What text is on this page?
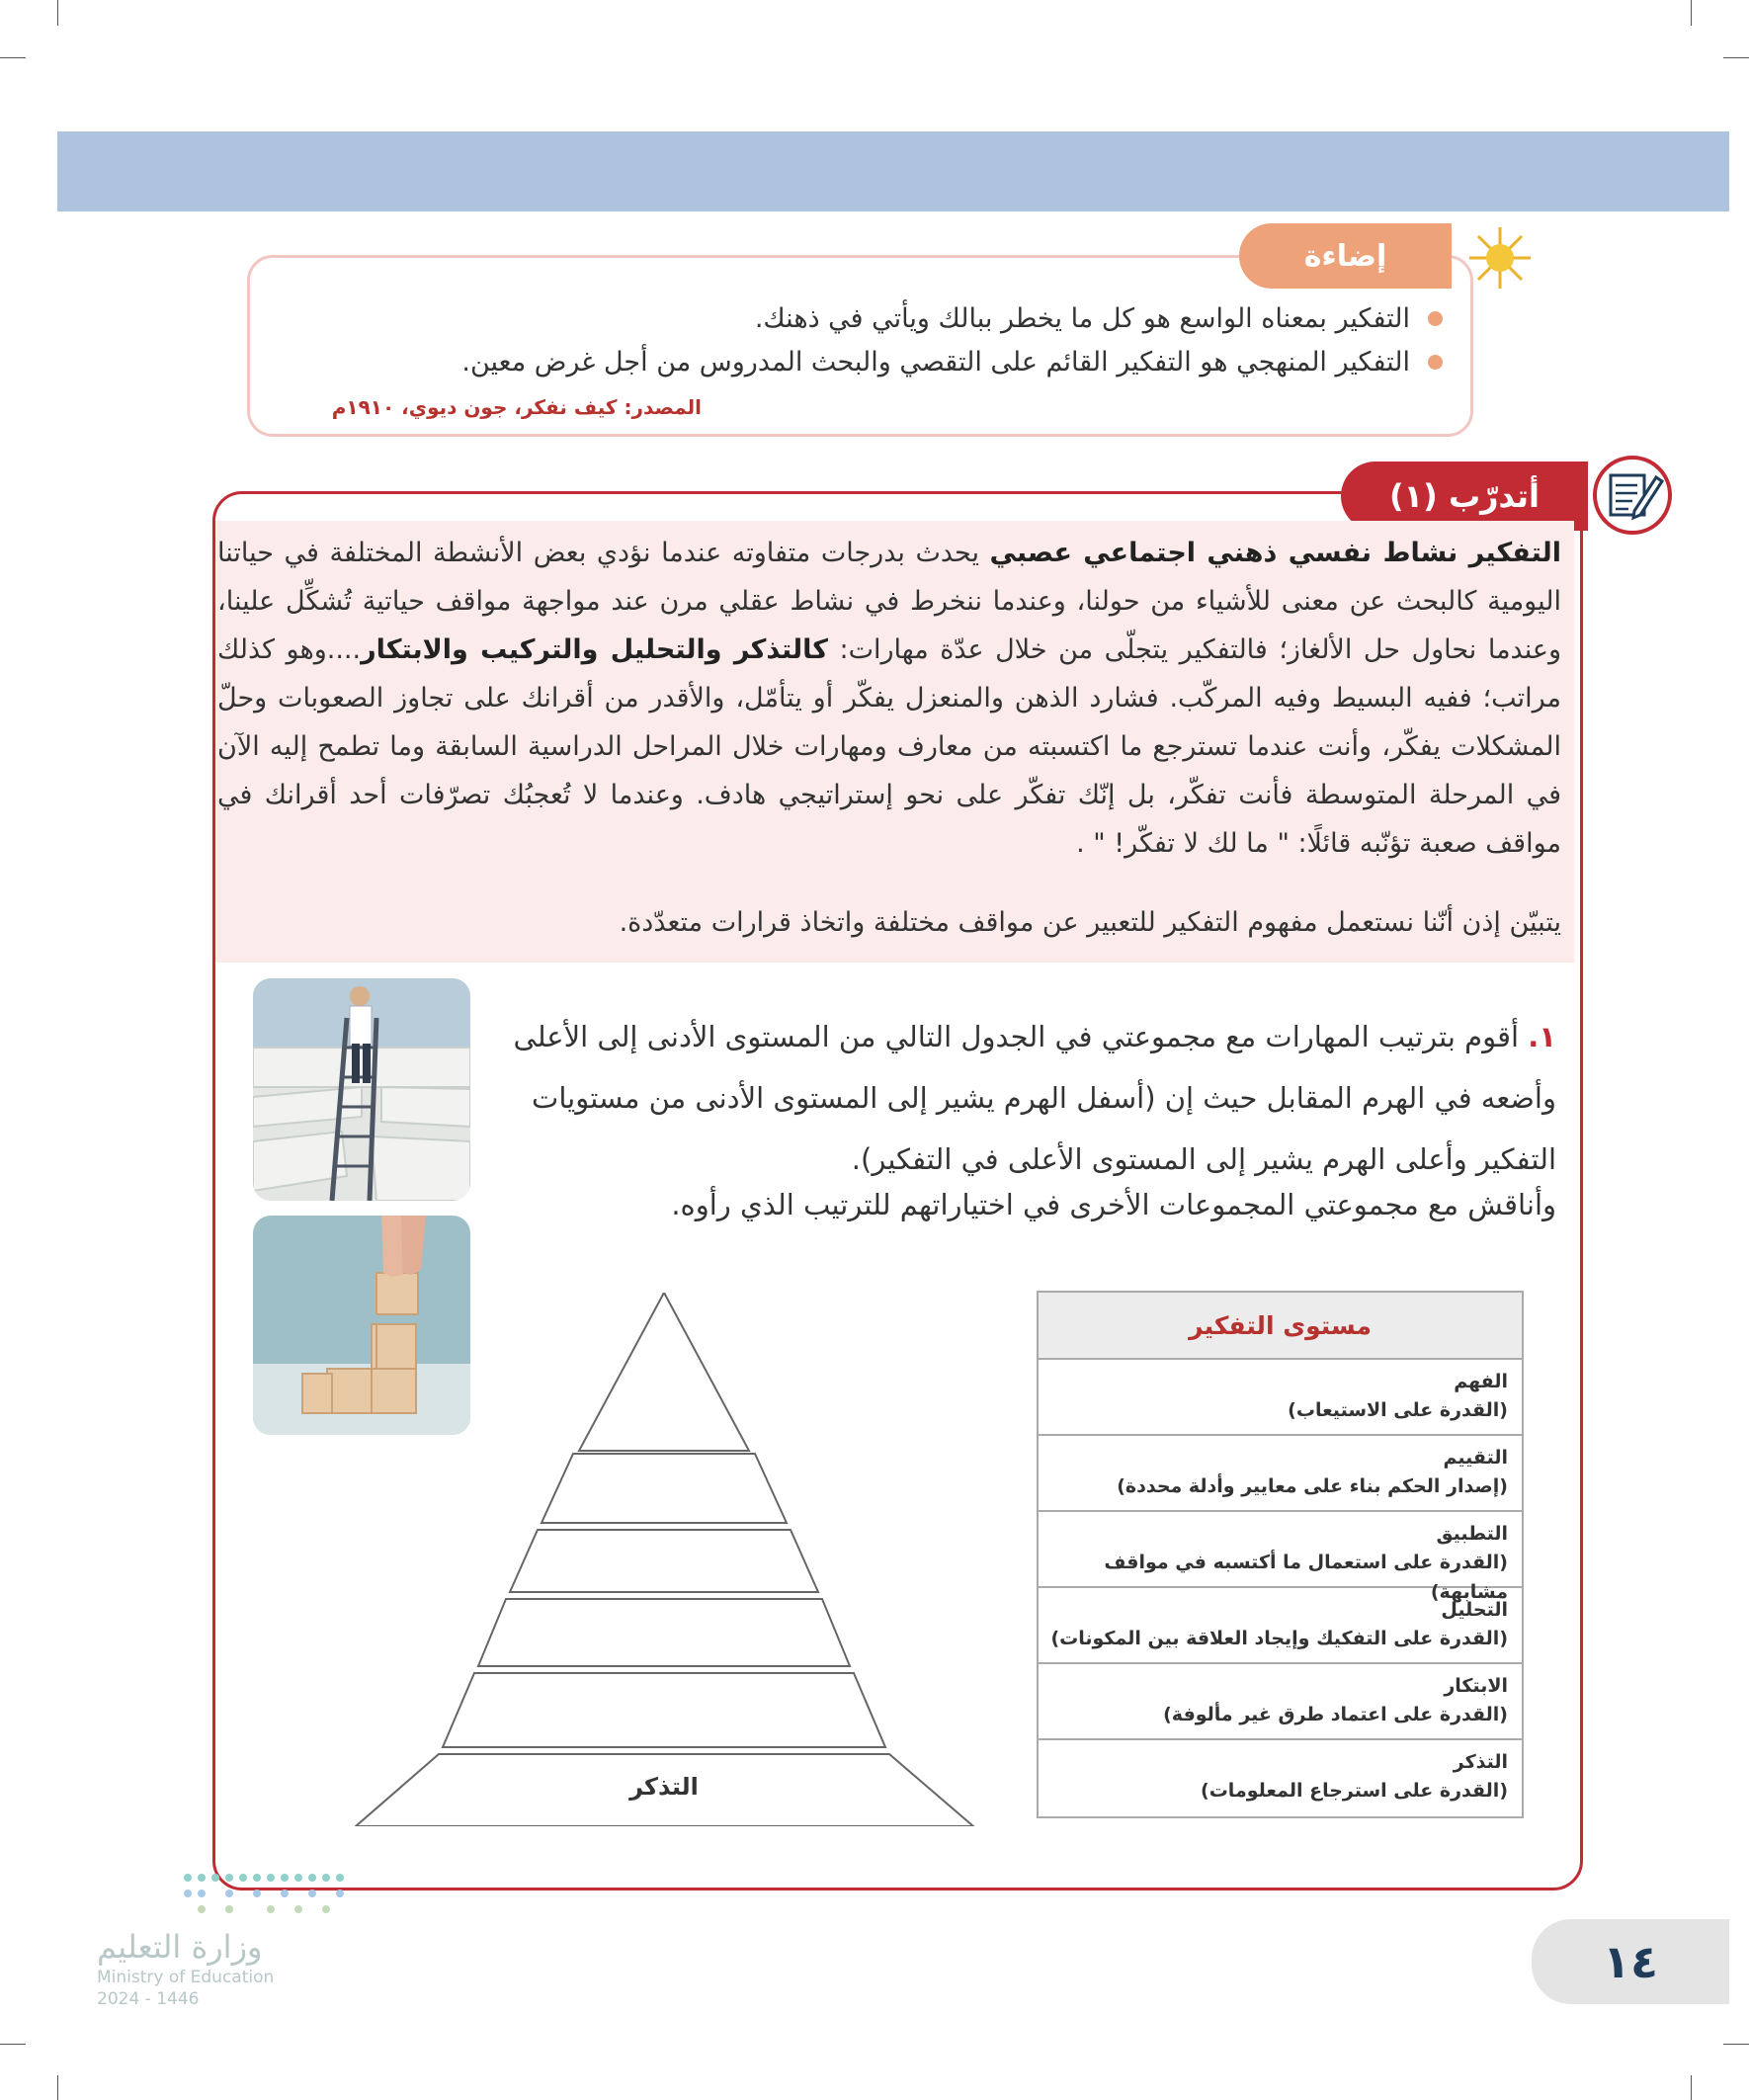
إضاءة
التفكير بمعناه الواسع هو كل ما يخطر ببالك ويأتي في ذهنك.
التفكير المنهجي هو التفكير القائم على التقصي والبحث المدروس من أجل غرض معين.
المصدر: كيف نفكر، جون ديوي، ١٩١٠م
أتدرّب (١)
التفكير نشاط نفسي ذهني اجتماعي عصبي يحدث بدرجات متفاوته عندما نؤدي بعض الأنشطة المختلفة في حياتنا اليومية كالبحث عن معنى للأشياء من حولنا، وعندما ننخرط في نشاط عقلي مرن عند مواجهة مواقف حياتية تُشكِّل علينا، وعندما نحاول حل الألغاز؛ فالتفكير يتجلّى من خلال عدّة مهارات: كالتذكر والتحليل والتركيب والابتكار....وهو كذلك مراتب؛ ففيه البسيط وفيه المركّب. فشارد الذهن والمنعزل يفكّر أو يتأمّل، والأقدر من أقرانك على تجاوز الصعوبات وحلّ المشكلات يفكّر، وأنت عندما تسترجع ما اكتسبته من معارف ومهارات خلال المراحل الدراسية السابقة وما تطمح إليه الآن في المرحلة المتوسطة فأنت تفكّر، بل إنّك تفكّر على نحو إستراتيجي هادف. وعندما لا تُعجبُك تصرّفات أحد أقرانك في مواقف صعبة تؤنّبه قائلًا: " ما لك لا تفكّر! " .
يتبيّن إذن أنّنا نستعمل مفهوم التفكير للتعبير عن مواقف مختلفة واتخاذ قرارات متعدّدة.
١. أقوم بترتيب المهارات مع مجموعتي في الجدول التالي من المستوى الأدنى إلى الأعلى وأضعه في الهرم المقابل حيث إن (أسفل الهرم يشير إلى المستوى الأدنى من مستويات التفكير وأعلى الهرم يشير إلى المستوى الأعلى في التفكير).
وأناقش مع مجموعتي المجموعات الأخرى في اختياراتهم للترتيب الذي رأوه.
مستوى التفكير
الفهم
(القدرة على الاستيعاب)
التقييم
(إصدار الحكم بناء على معايير وأدلة محددة)
التطبيق
(القدرة على استعمال ما أكتسبه في مواقف مشابهة)
التحليل
(القدرة على التفكيك وإيجاد العلاقة بين المكونات)
الابتكار
(القدرة على اعتماد طرق غير مألوفة)
التذكر
(القدرة على استرجاع المعلومات)
التذكر
١٤
وزارة التعليم
Ministry of Education
2024 - 1446
